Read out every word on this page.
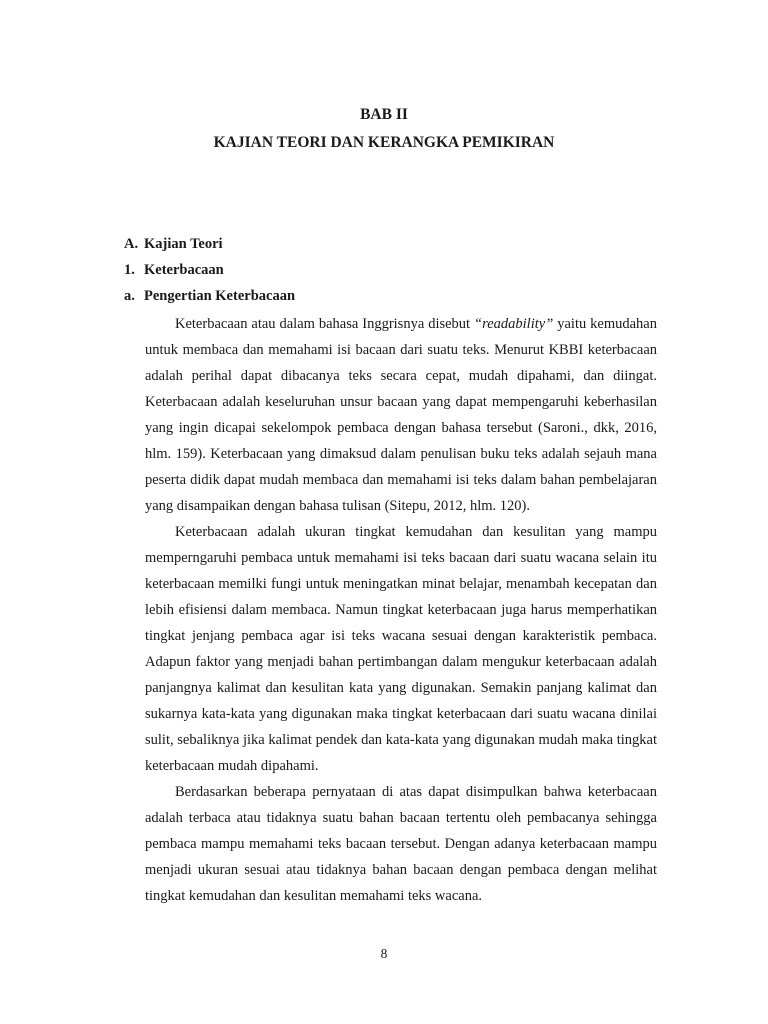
BAB II
KAJIAN TEORI DAN KERANGKA PEMIKIRAN
A. Kajian Teori
1. Keterbacaan
a. Pengertian Keterbacaan

Keterbacaan atau dalam bahasa Inggrisnya disebut “readability” yaitu kemudahan untuk membaca dan memahami isi bacaan dari suatu teks. Menurut KBBI keterbacaan adalah perihal dapat dibacanya teks secara cepat, mudah dipahami, dan diingat. Keterbacaan adalah keseluruhan unsur bacaan yang dapat mempengaruhi keberhasilan yang ingin dicapai sekelompok pembaca dengan bahasa tersebut (Saroni., dkk, 2016, hlm. 159). Keterbacaan yang dimaksud dalam penulisan buku teks adalah sejauh mana peserta didik dapat mudah membaca dan memahami isi teks dalam bahan pembelajaran yang disampaikan dengan bahasa tulisan (Sitepu, 2012, hlm. 120).

Keterbacaan adalah ukuran tingkat kemudahan dan kesulitan yang mampu memperngaruhi pembaca untuk memahami isi teks bacaan dari suatu wacana selain itu keterbacaan memilki fungi untuk meningatkan minat belajar, menambah kecepatan dan lebih efisiensi dalam membaca. Namun tingkat keterbacaan juga harus memperhatikan tingkat jenjang pembaca agar isi teks wacana sesuai dengan karakteristik pembaca. Adapun faktor yang menjadi bahan pertimbangan dalam mengukur keterbacaan adalah panjangnya kalimat dan kesulitan kata yang digunakan. Semakin panjang kalimat dan sukarnya kata-kata yang digunakan maka tingkat keterbacaan dari suatu wacana dinilai sulit, sebaliknya jika kalimat pendek dan kata-kata yang digunakan mudah maka tingkat keterbacaan mudah dipahami.

Berdasarkan beberapa pernyataan di atas dapat disimpulkan bahwa keterbacaan adalah terbaca atau tidaknya suatu bahan bacaan tertentu oleh pembacanya sehingga pembaca mampu memahami teks bacaan tersebut. Dengan adanya keterbacaan mampu menjadi ukuran sesuai atau tidaknya bahan bacaan dengan pembaca dengan melihat tingkat kemudahan dan kesulitan memahami teks wacana.

8
